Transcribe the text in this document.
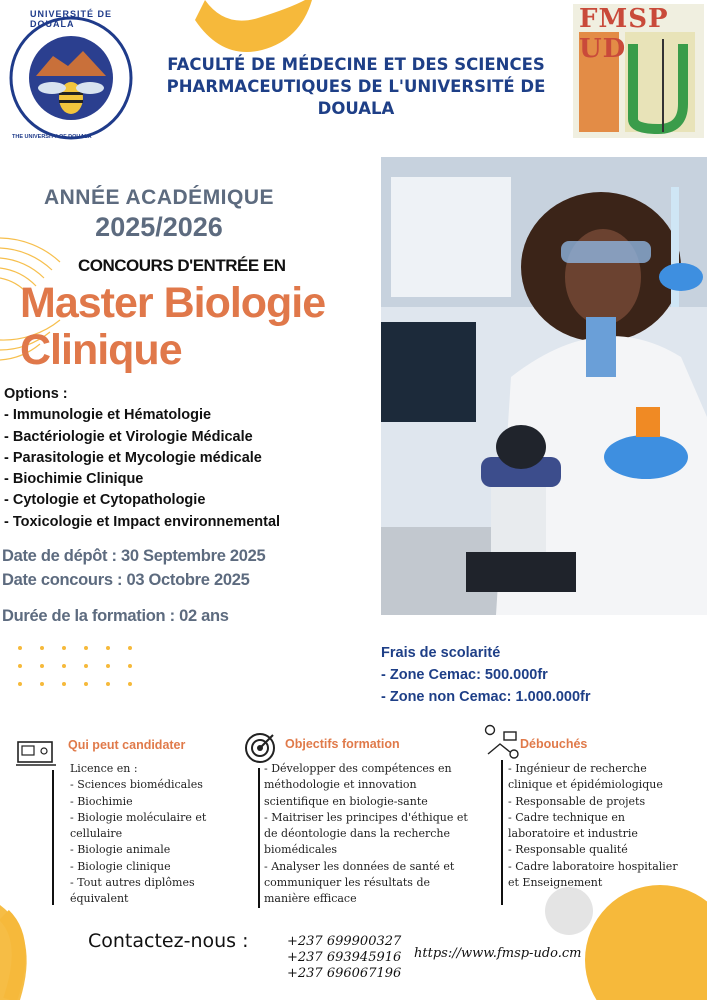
UNIVERSITÉ DE DOUALA
THE UNIVERSITY OF DOUALA
FACULTÉ DE MÉDECINE ET DES SCIENCES
PHARMACEUTIQUES DE L'UNIVERSITÉ DE
DOUALA
FMSP UD
ANNÉE ACADÉMIQUE
2025/2026
CONCOURS D'ENTRÉE EN
Master Biologie
Clinique
Options :
- Immunologie et Hématologie
- Bactériologie et Virologie Médicale
- Parasitologie et Mycologie médicale
- Biochimie Clinique
- Cytologie et Cytopathologie
- Toxicologie et Impact environnemental
Date de dépôt : 30 Septembre 2025
Date concours : 03 Octobre 2025
Durée de la formation : 02 ans
Frais de scolarité
- Zone Cemac: 500.000fr
- Zone non Cemac: 1.000.000fr
Qui peut candidater
Licence en :
- Sciences biomédicales
- Biochimie
- Biologie moléculaire et
cellulaire
- Biologie animale
- Biologie clinique
- Tout autres diplômes
équivalent
Objectifs formation
- Développer des compétences en
méthodologie et innovation
scientifique en biologie-sante
- Maitriser les principes d'éthique et
de déontologie dans la recherche
biomédicales
- Analyser les données de santé et
communiquer les résultats de
manière efficace
Débouchés
- Ingénieur de recherche
clinique et épidémiologique
- Responsable de projets
- Cadre technique en
laboratoire et industrie
- Responsable qualité
- Cadre laboratoire hospitalier
et Enseignement
Contactez-nous :	+237 699900327
+237 693945916
+237 696067196
https://www.fmsp-udo.cm
